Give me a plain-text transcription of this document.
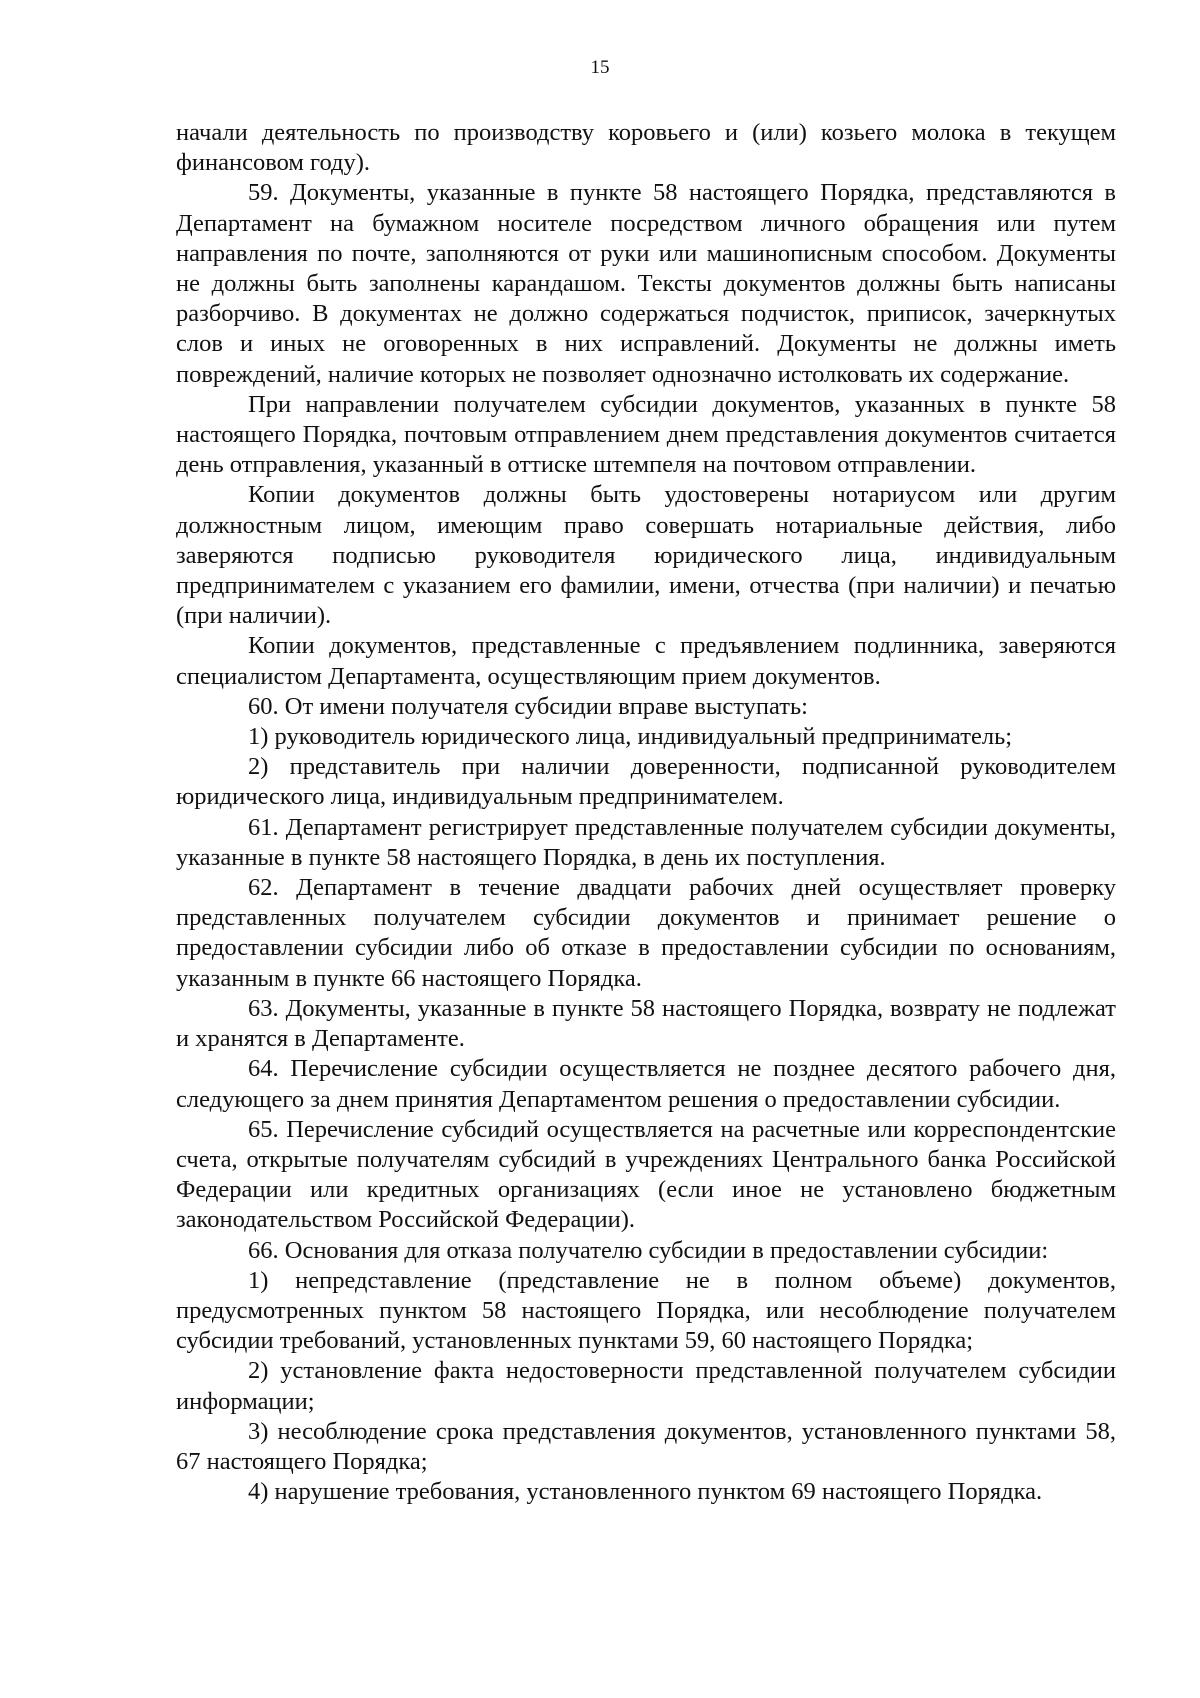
15

начали деятельность по производству коровьего и (или) козьего молока в текущем финансовом году).

59. Документы, указанные в пункте 58 настоящего Порядка, представляются в Департамент на бумажном носителе посредством личного обращения или путем направления по почте, заполняются от руки или машинописным способом. Документы не должны быть заполнены карандашом. Тексты документов должны быть написаны разборчиво. В документах не должно содержаться подчисток, приписок, зачеркнутых слов и иных не оговоренных в них исправлений. Документы не должны иметь повреждений, наличие которых не позволяет однозначно истолковать их содержание.

При направлении получателем субсидии документов, указанных в пункте 58 настоящего Порядка, почтовым отправлением днем представления документов считается день отправления, указанный в оттиске штемпеля на почтовом отправлении.

Копии документов должны быть удостоверены нотариусом или другим должностным лицом, имеющим право совершать нотариальные действия, либо заверяются подписью руководителя юридического лица, индивидуальным предпринимателем с указанием его фамилии, имени, отчества (при наличии) и печатью (при наличии).

Копии документов, представленные с предъявлением подлинника, заверяются специалистом Департамента, осуществляющим прием документов.

60. От имени получателя субсидии вправе выступать:

1) руководитель юридического лица, индивидуальный предприниматель;

2) представитель при наличии доверенности, подписанной руководителем юридического лица, индивидуальным предпринимателем.

61. Департамент регистрирует представленные получателем субсидии документы, указанные в пункте 58 настоящего Порядка, в день их поступления.

62. Департамент в течение двадцати рабочих дней осуществляет проверку представленных получателем субсидии документов и принимает решение о предоставлении субсидии либо об отказе в предоставлении субсидии по основаниям, указанным в пункте 66 настоящего Порядка.

63. Документы, указанные в пункте 58 настоящего Порядка, возврату не подлежат и хранятся в Департаменте.

64. Перечисление субсидии осуществляется не позднее десятого рабочего дня, следующего за днем принятия Департаментом решения о предоставлении субсидии.

65. Перечисление субсидий осуществляется на расчетные или корреспондентские счета, открытые получателям субсидий в учреждениях Центрального банка Российской Федерации или кредитных организациях (если иное не установлено бюджетным законодательством Российской Федерации).

66. Основания для отказа получателю субсидии в предоставлении субсидии:

1) непредставление (представление не в полном объеме) документов, предусмотренных пунктом 58 настоящего Порядка, или несоблюдение получателем субсидии требований, установленных пунктами 59, 60 настоящего Порядка;

2) установление факта недостоверности представленной получателем субсидии информации;

3) несоблюдение срока представления документов, установленного пунктами 58, 67 настоящего Порядка;

4) нарушение требования, установленного пунктом 69 настоящего Порядка.
